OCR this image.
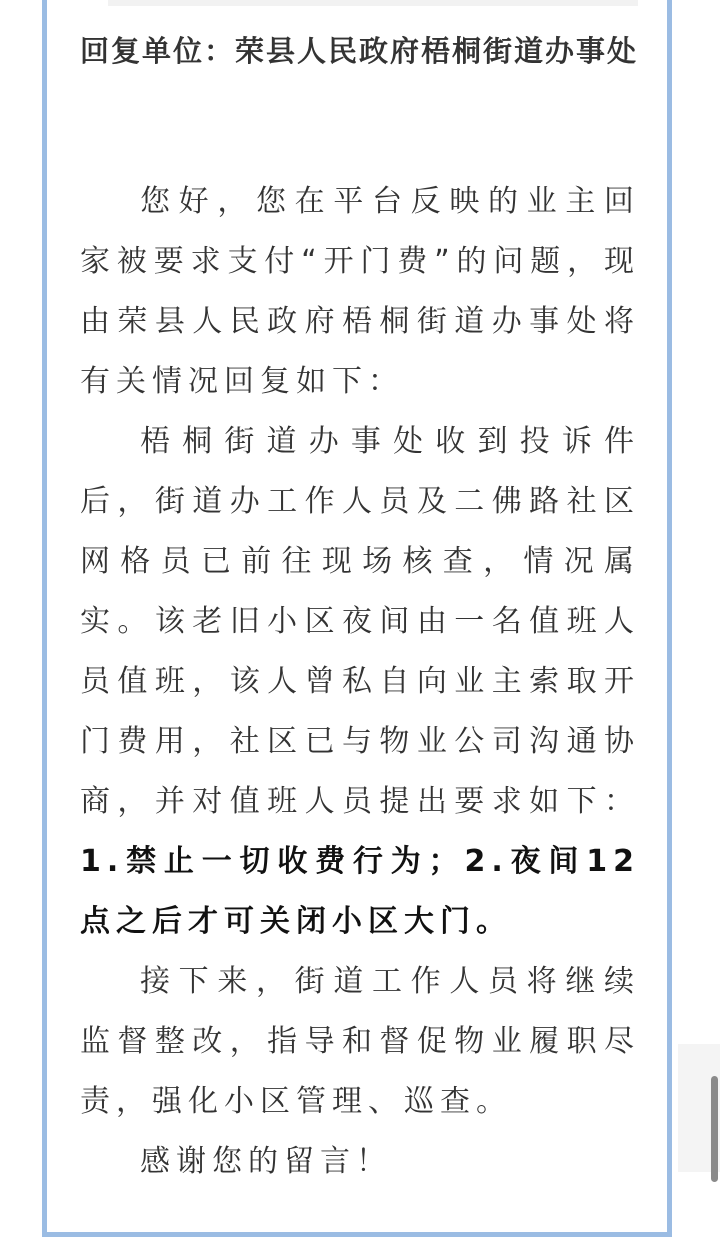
回复单位：荣县人民政府梧桐街道办事处

您好，您在平台反映的业主回家被要求支付“开门费”的问题，现由荣县人民政府梧桐街道办事处将有关情况回复如下：

梧桐街道办事处收到投诉件后，街道办工作人员及二佛路社区网格员已前往现场核查，情况属实。该老旧小区夜间由一名值班人员值班，该人曾私自向业主索取开门费用，社区已与物业公司沟通协商，并对值班人员提出要求如下：1.禁止一切收费行为；2.夜间12点之后才可关闭小区大门。

接下来，街道工作人员将继续监督整改，指导和督促物业履职尽责，强化小区管理、巡查。

感谢您的留言！
